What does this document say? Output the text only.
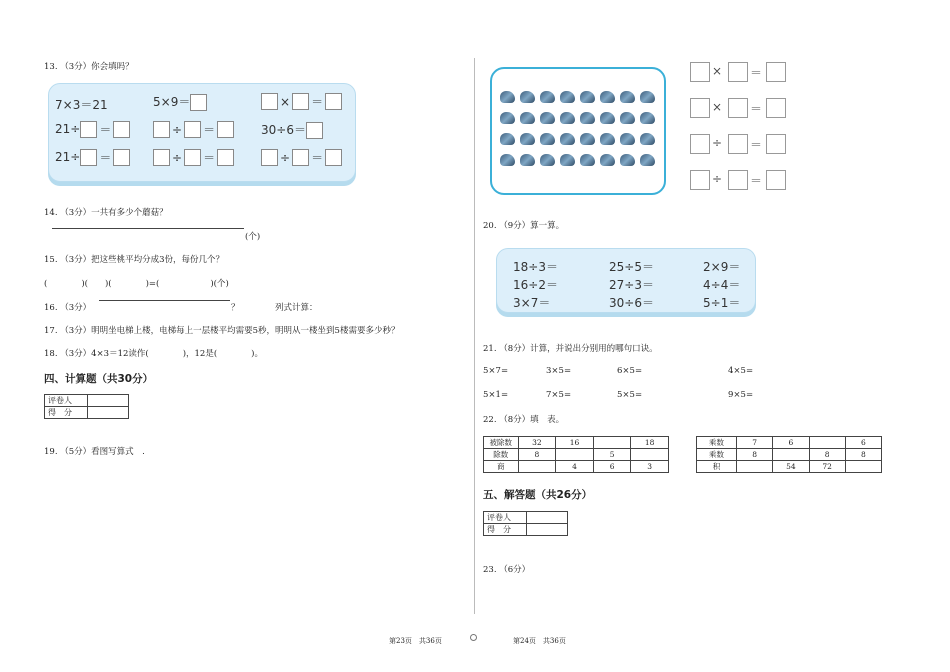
13. （3分）你会填吗？
7×3＝21	5×9＝	× ＝
21÷ ＝	÷ ＝	30÷6＝
21÷ ＝	÷ ＝	÷ ＝
14. （3分）一共有多少个蘑菇？
(个)
15. （3分）把这些桃平均分成3份，每份几个？
(　　　　)(　　)(　　　　)=(　　　　　　)(个)
16. （3分）	？	列式计算：
17. （3分）明明坐电梯上楼，电梯每上一层楼平均需要5秒，明明从一楼坐到5楼需要多少秒？
18. （3分）4×3＝12读作(　　　　)，12是(　　　　)。
四、计算题（共30分）
评卷人	
得　分	
19. （5分）看图写算式　.
× ＝
× ＝
÷ ＝
÷ ＝
20. （9分）算一算。
18÷3＝	25÷5＝	2×9＝
16÷2＝	27÷3＝	4÷4＝
3×7＝	30÷6＝	5÷1＝
21. （8分）计算，并说出分别用的哪句口诀。
5×7=	3×5=	6×5=	4×5=
5×1=	7×5=	5×5=	9×5=
22. （8分）填　表。
被除数	32	16		18
除数	8		5	
商		4	6	3
乘数	7	6		6
乘数	8		8	8
积		54	72	
五、解答题（共26分）
评卷人	
得　分	
23. （6分）
第23页　共36页	第24页　共36页
